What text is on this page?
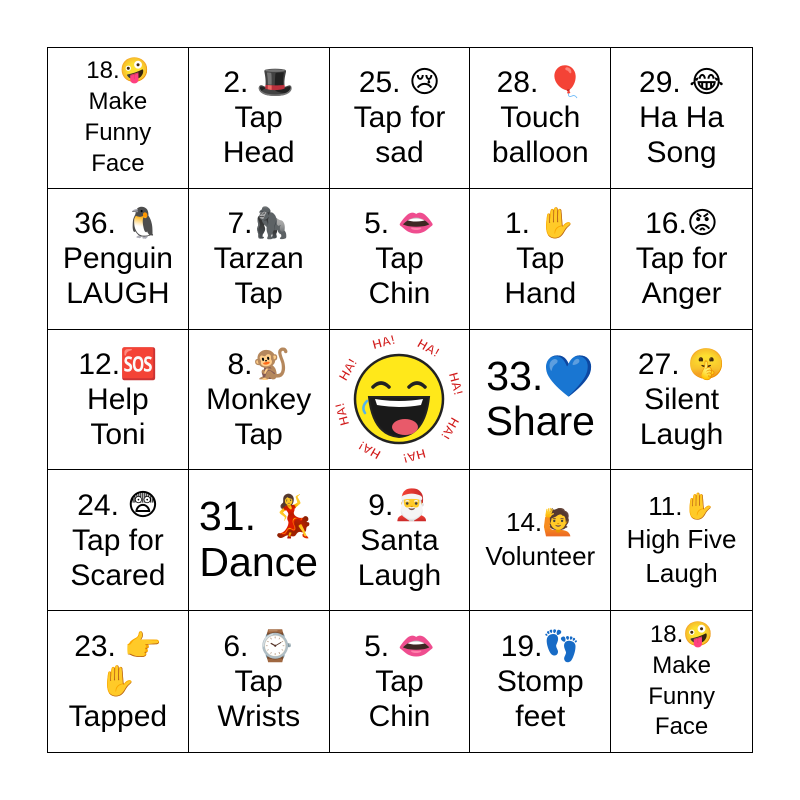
18.🤪
Make
Funny
Face
2. 🎩
Tap
Head
25. 😢
Tap for
sad
28. 🎈
Touch
balloon
29. 😂
Ha Ha
Song
36. 🐧
Penguin
LAUGH
7.🦍
Tarzan
Tap
5. 👄
Tap
Chin
1. ✋
Tap
Hand
16.😡
Tap for
Anger
12.🆘
Help
Toni
8.🐒
Monkey
Tap
HA!
HA! HA!
HA!
HA!
HA!
HA!
HA!
33.💙
Share
27. 🤫
Silent
Laugh
24. 😨
Tap for
Scared
31. 💃
Dance
9.🎅
Santa
Laugh
14.🙋
Volunteer
11.✋
High Five
Laugh
23. 👉
✋
Tapped
6. ⌚
Tap
Wrists
5. 👄
Tap
Chin
19.👣
Stomp
feet
18.🤪
Make
Funny
Face
